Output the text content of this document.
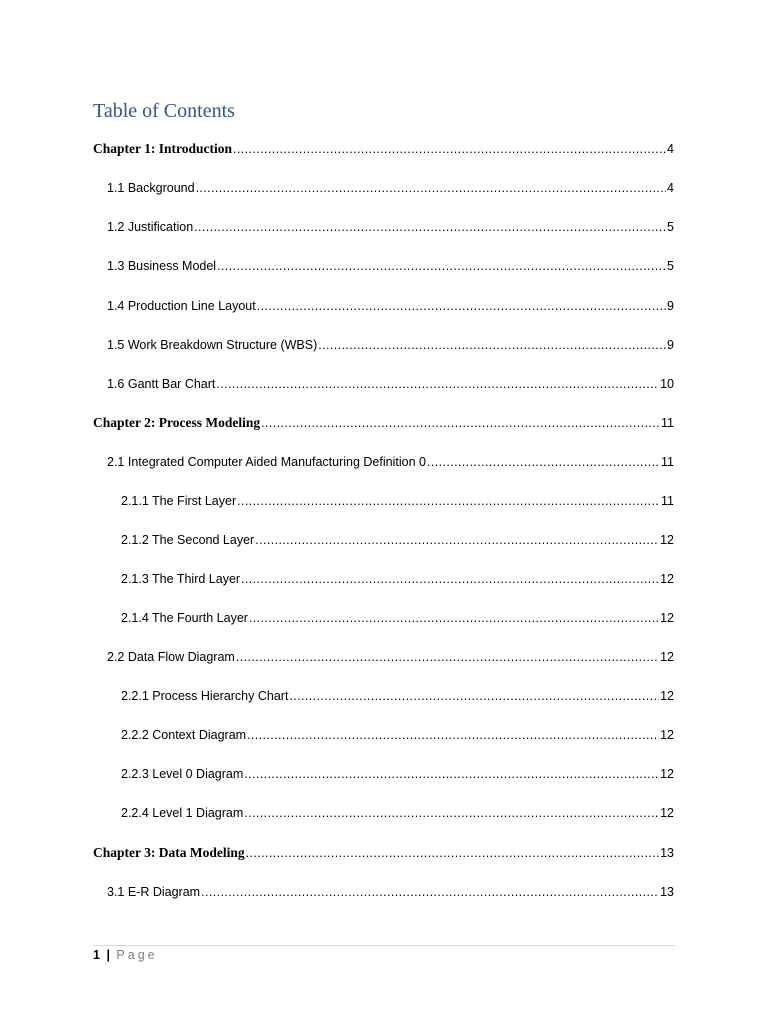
Table of Contents
Chapter 1: Introduction .....	4
1.1 Background .....	4
1.2 Justification .....	5
1.3 Business Model .....	5
1.4 Production Line Layout .....	9
1.5 Work Breakdown Structure (WBS) .....	9
1.6 Gantt Bar Chart .....	10
Chapter 2: Process Modeling .....	11
2.1 Integrated Computer Aided Manufacturing Definition 0 .....	11
2.1.1 The First Layer .....	11
2.1.2 The Second Layer .....	12
2.1.3 The Third Layer .....	12
2.1.4 The Fourth Layer .....	12
2.2 Data Flow Diagram .....	12
2.2.1 Process Hierarchy Chart .....	12
2.2.2 Context Diagram .....	12
2.2.3 Level 0 Diagram .....	12
2.2.4 Level 1 Diagram .....	12
Chapter 3: Data Modeling .....	13
3.1 E-R Diagram .....	13
1 | Page
